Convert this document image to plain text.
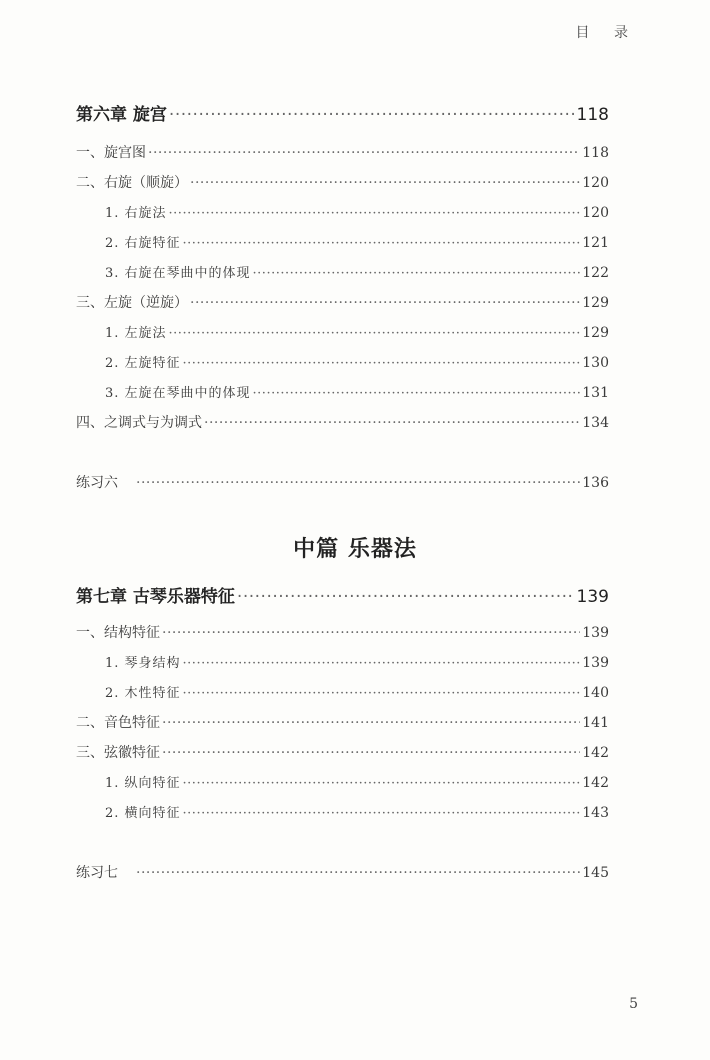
目 录
第六章 旋宫 ·····	118
一、旋宫图 ·····	118
二、右旋（顺旋） ·····	120
1. 右旋法 ·····	120
2. 右旋特征 ·····	121
3. 右旋在琴曲中的体现 ·····	122
三、左旋（逆旋） ·····	129
1. 左旋法 ·····	129
2. 左旋特征 ·····	130
3. 左旋在琴曲中的体现 ·····	131
四、之调式与为调式 ·····	134
练习六 ·····	136
中篇 乐器法
第七章 古琴乐器特征 ·····	139
一、结构特征 ·····	139
1. 琴身结构 ·····	139
2. 木性特征 ·····	140
二、音色特征 ·····	141
三、弦徽特征 ·····	142
1. 纵向特征 ·····	142
2. 横向特征 ·····	143
练习七 ·····	145
5
